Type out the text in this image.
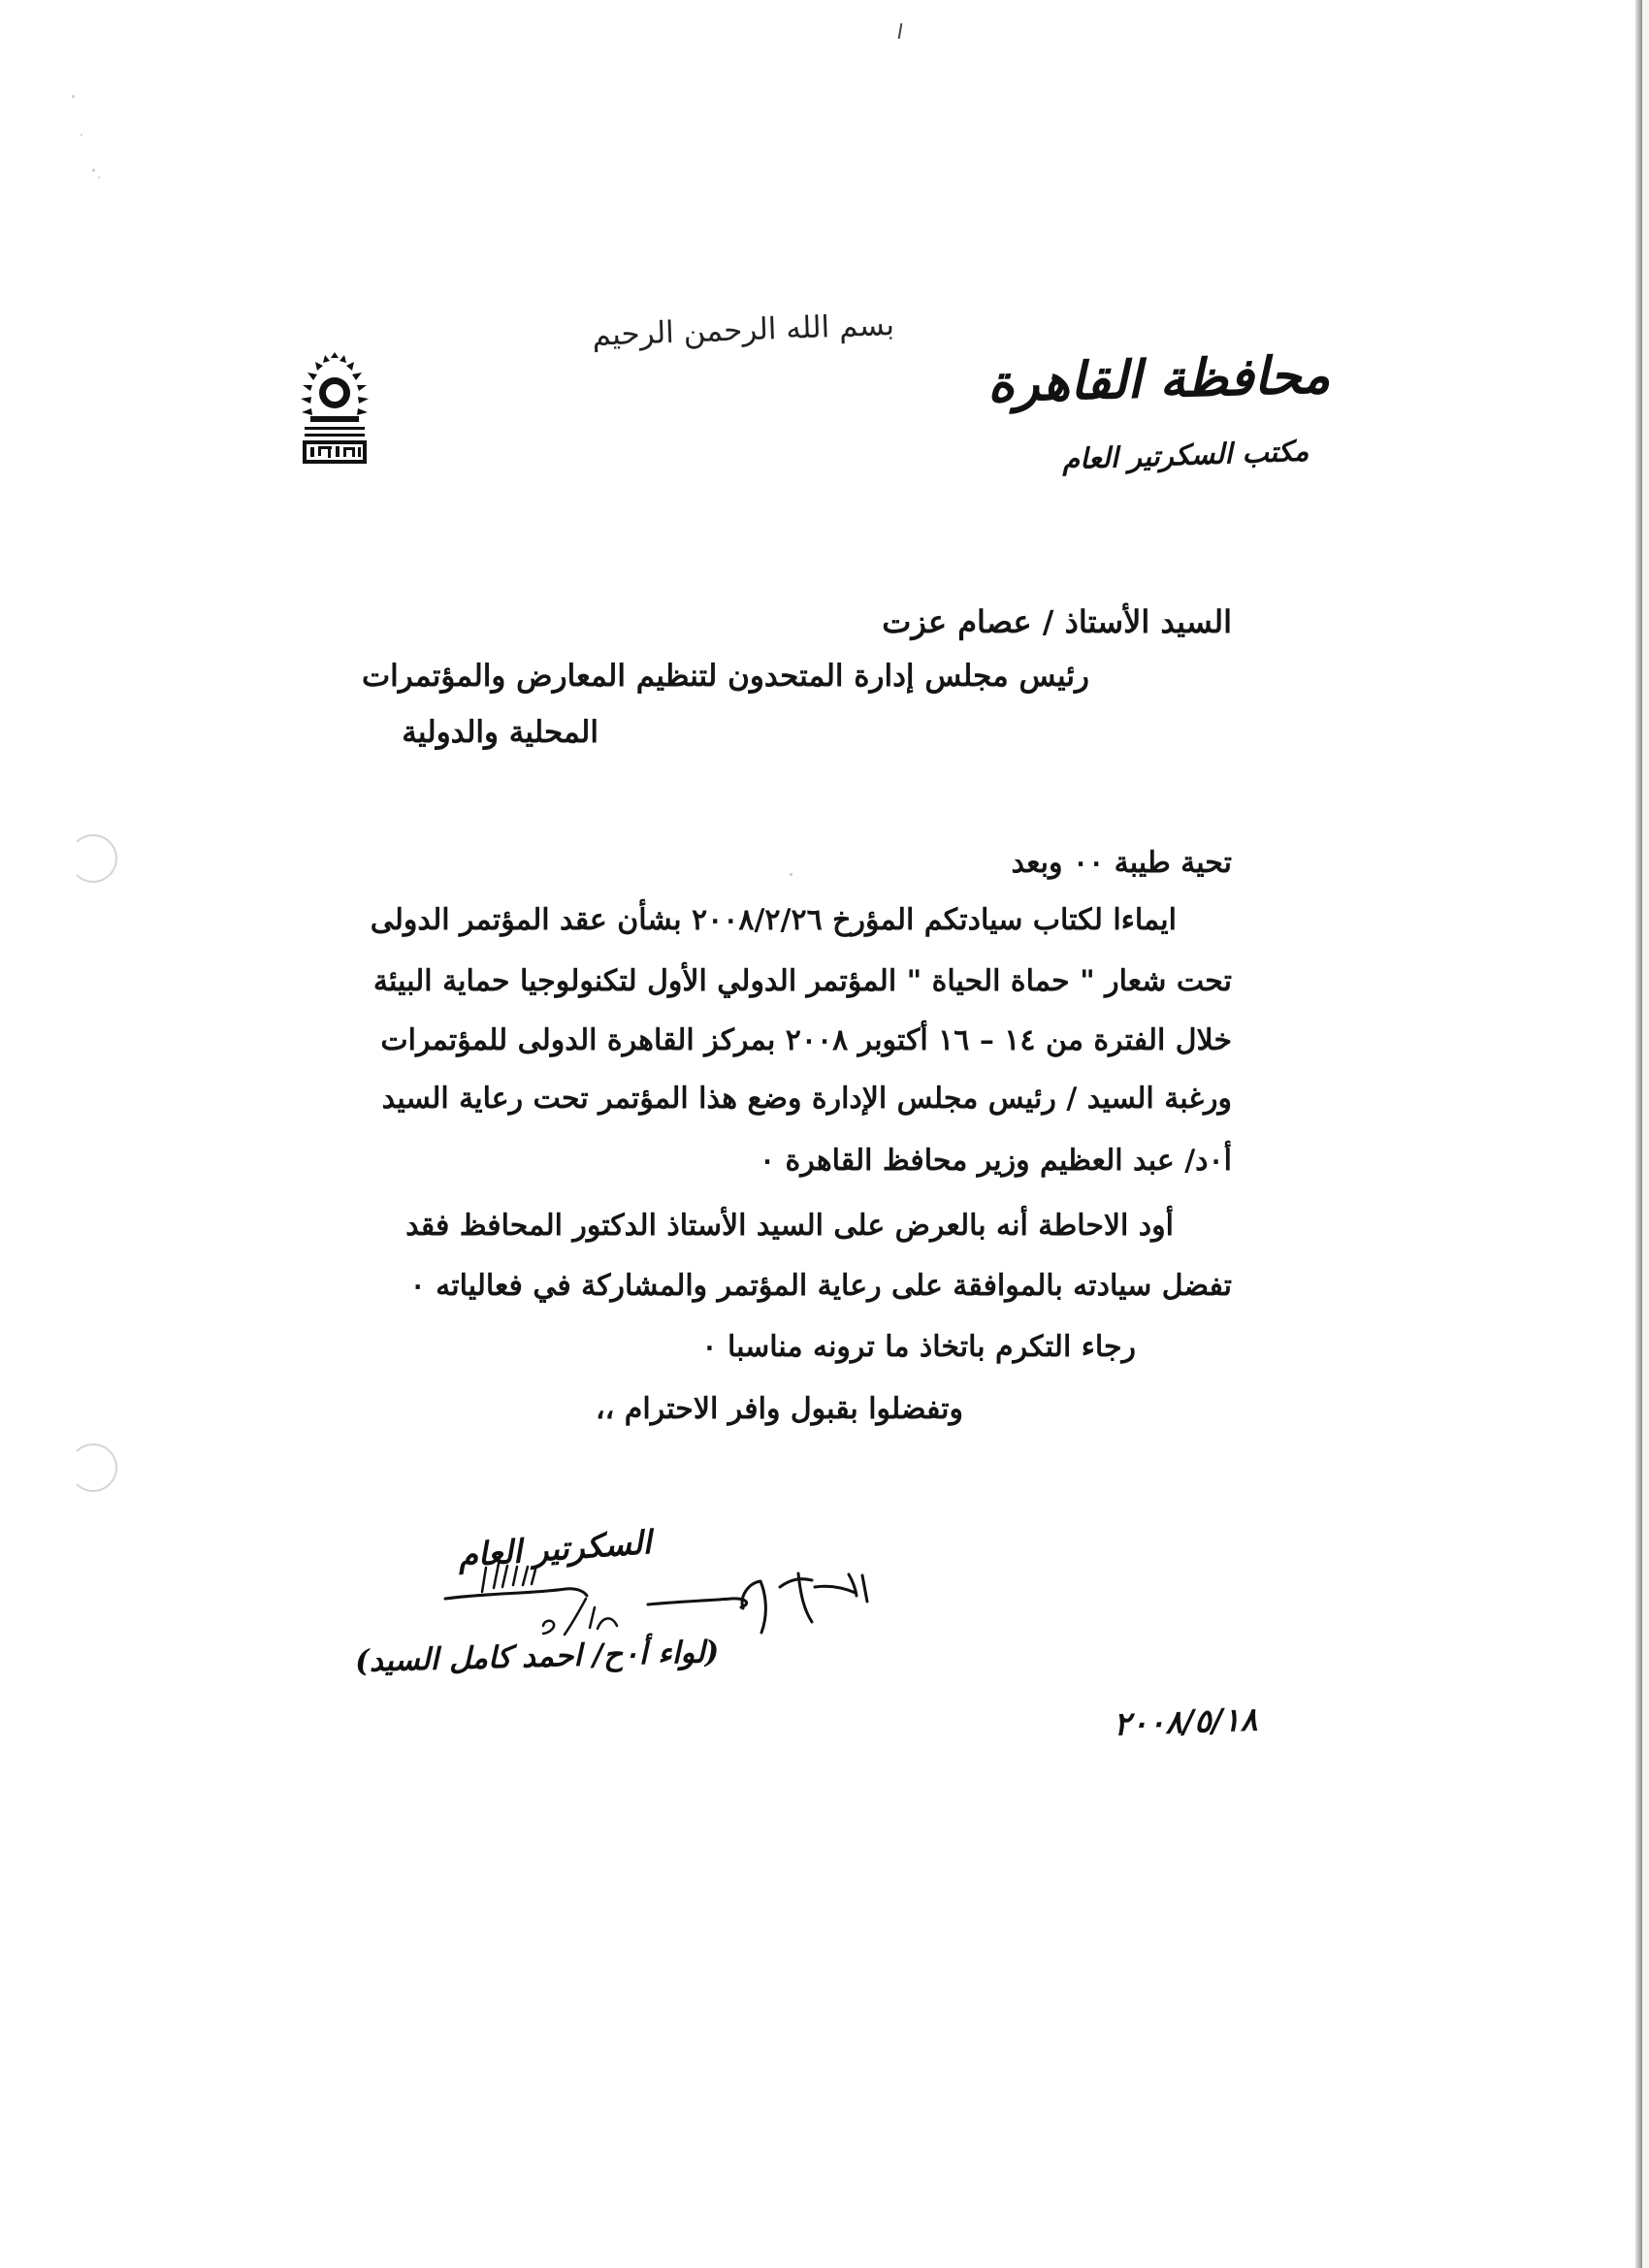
بسم الله الرحمن الرحيم
محافظة القاهرة
مكتب السكرتير العام
السيد الأستاذ / عصام عزت
رئيس مجلس إدارة المتحدون لتنظيم المعارض والمؤتمرات
المحلية والدولية
تحية طيبة ٠٠ وبعد
ايماءا لكتاب سيادتكم المؤرخ ٢٠٠٨/٢/٢٦ بشأن عقد المؤتمر الدولى
تحت شعار " حماة الحياة " المؤتمر الدولي الأول لتكنولوجيا حماية البيئة
خلال الفترة من ١٤ – ١٦ أكتوبر ٢٠٠٨ بمركز القاهرة الدولى للمؤتمرات
ورغبة السيد / رئيس مجلس الإدارة وضع هذا المؤتمر تحت رعاية السيد
أ٠د/ عبد العظيم وزير محافظ القاهرة ٠
أود الاحاطة أنه بالعرض على السيد الأستاذ الدكتور المحافظ فقد
تفضل سيادته بالموافقة على رعاية المؤتمر والمشاركة في فعالياته ٠
رجاء التكرم باتخاذ ما ترونه مناسبا ٠
وتفضلوا بقبول وافر الاحترام ،،
السكرتير العام
(لواء أ٠ح/ احمد كامل السيد)
٢٠٠٨/٥/١٨
